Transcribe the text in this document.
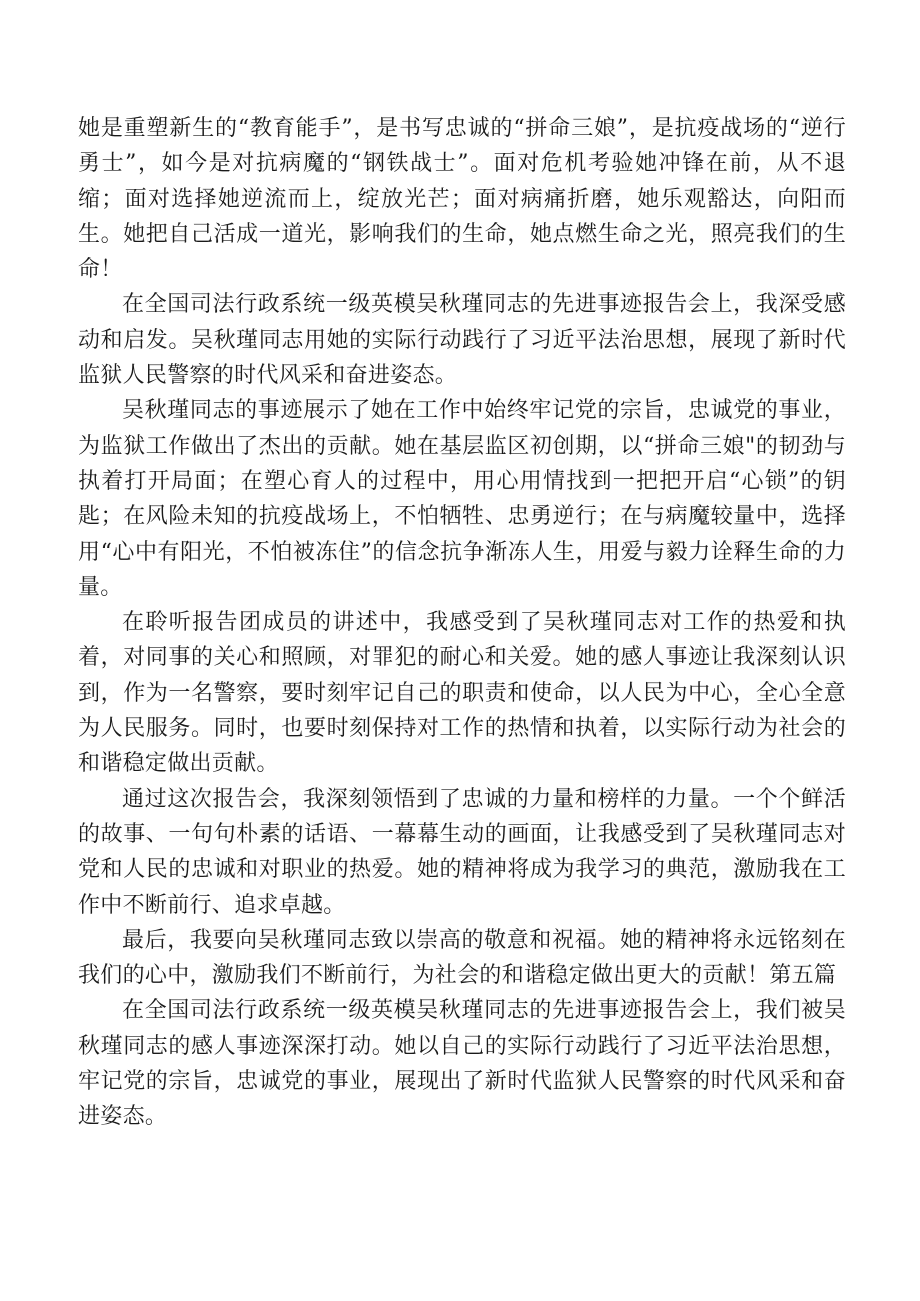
她是重塑新生的“教育能手”，是书写忠诚的“拼命三娘”，是抗疫战场的“逆行勇士”，如今是对抗病魔的“钢铁战士”。面对危机考验她冲锋在前，从不退缩；面对选择她逆流而上，绽放光芒；面对病痛折磨，她乐观豁达，向阳而生。她把自己活成一道光，影响我们的生命，她点燃生命之光，照亮我们的生命！

在全国司法行政系统一级英模吴秋瑾同志的先进事迹报告会上，我深受感动和启发。吴秋瑾同志用她的实际行动践行了习近平法治思想，展现了新时代监狱人民警察的时代风采和奋进姿态。

吴秋瑾同志的事迹展示了她在工作中始终牢记党的宗旨，忠诚党的事业，为监狱工作做出了杰出的贡献。她在基层监区初创期，以“拼命三娘"的韧劲与执着打开局面；在塑心育人的过程中，用心用情找到一把把开启“心锁”的钥匙；在风险未知的抗疫战场上，不怕牺牲、忠勇逆行；在与病魔较量中，选择用“心中有阳光，不怕被冻住”的信念抗争渐冻人生，用爱与毅力诠释生命的力量。

在聆听报告团成员的讲述中，我感受到了吴秋瑾同志对工作的热爱和执着，对同事的关心和照顾，对罪犯的耐心和关爱。她的感人事迹让我深刻认识到，作为一名警察，要时刻牢记自己的职责和使命，以人民为中心，全心全意为人民服务。同时，也要时刻保持对工作的热情和执着，以实际行动为社会的和谐稳定做出贡献。

通过这次报告会，我深刻领悟到了忠诚的力量和榜样的力量。一个个鲜活的故事、一句句朴素的话语、一幕幕生动的画面，让我感受到了吴秋瑾同志对党和人民的忠诚和对职业的热爱。她的精神将成为我学习的典范，激励我在工作中不断前行、追求卓越。

最后，我要向吴秋瑾同志致以崇高的敬意和祝福。她的精神将永远铭刻在我们的心中，激励我们不断前行，为社会的和谐稳定做出更大的贡献！第五篇

在全国司法行政系统一级英模吴秋瑾同志的先进事迹报告会上，我们被吴秋瑾同志的感人事迹深深打动。她以自己的实际行动践行了习近平法治思想，牢记党的宗旨，忠诚党的事业，展现出了新时代监狱人民警察的时代风采和奋进姿态。
